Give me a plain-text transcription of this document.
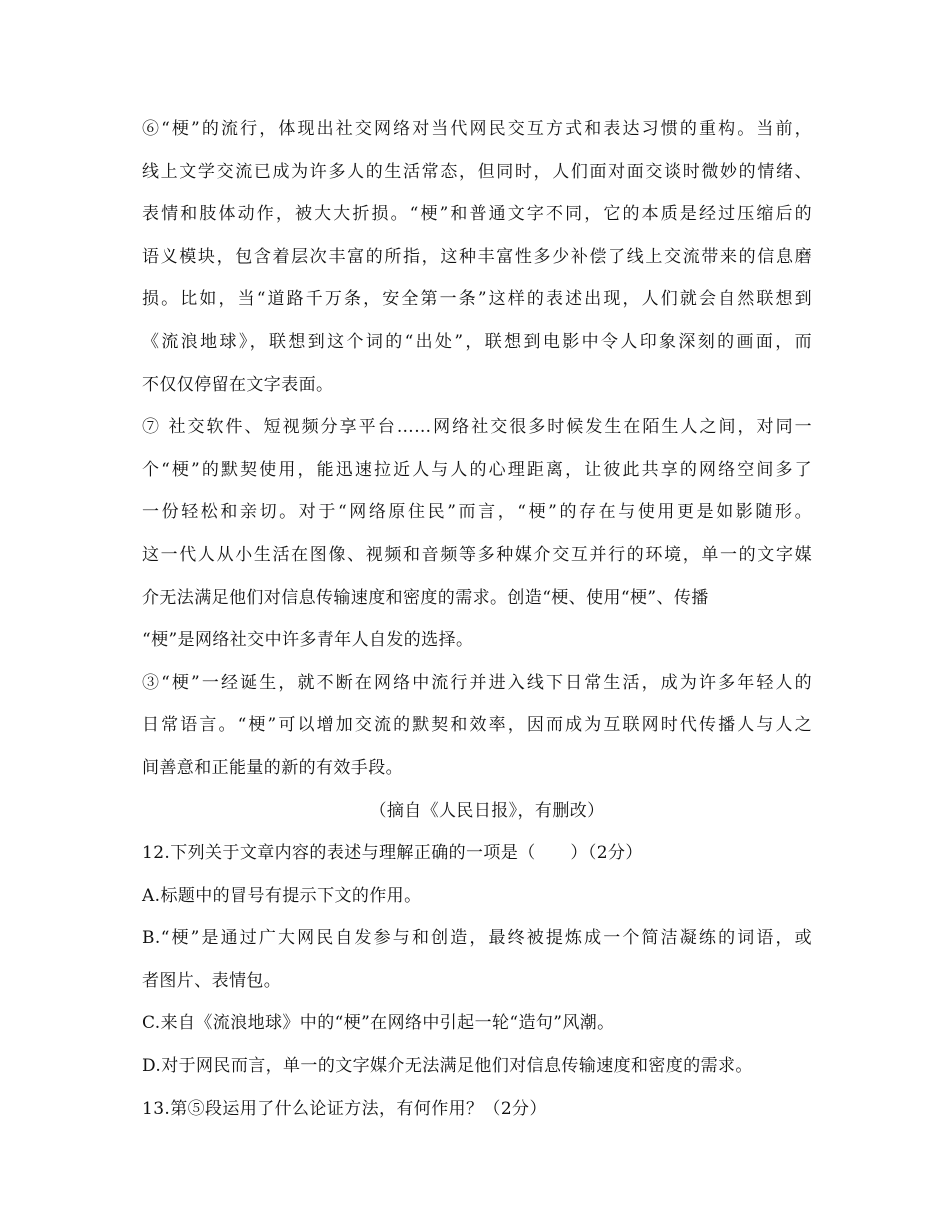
⑥“梗”的流行，体现出社交网络对当代网民交互方式和表达习惯的重构。当前，
线上文学交流已成为许多人的生活常态，但同时，人们面对面交谈时微妙的情绪、
表情和肢体动作，被大大折损。“梗”和普通文字不同，它的本质是经过压缩后的
语义模块，包含着层次丰富的所指，这种丰富性多少补偿了线上交流带来的信息磨
损。比如，当“道路千万条，安全第一条”这样的表述出现，人们就会自然联想到
《流浪地球》，联想到这个词的“出处”，联想到电影中令人印象深刻的画面，而
不仅仅停留在文字表面。
⑦ 社交软件、短视频分享平台……网络社交很多时候发生在陌生人之间，对同一
个“梗”的默契使用，能迅速拉近人与人的心理距离，让彼此共享的网络空间多了
一份轻松和亲切。对于“网络原住民”而言，“梗”的存在与使用更是如影随形。
这一代人从小生活在图像、视频和音频等多种媒介交互并行的环境，单一的文字媒
介无法满足他们对信息传输速度和密度的需求。创造“梗、使用“梗”、传播
“梗”是网络社交中许多青年人自发的选择。
③“梗”一经诞生，就不断在网络中流行并进入线下日常生活，成为许多年轻人的
日常语言。“梗”可以增加交流的默契和效率，因而成为互联网时代传播人与人之
间善意和正能量的新的有效手段。
（摘自《人民日报》，有删改）
12.下列关于文章内容的表述与理解正确的一项是（　　）（2分）
A.标题中的冒号有提示下文的作用。
B.“梗”是通过广大网民自发参与和创造，最终被提炼成一个简洁凝练的词语，或
者图片、表情包。
C.来自《流浪地球》中的“梗”在网络中引起一轮“造句”风潮。
D.对于网民而言，单一的文字媒介无法满足他们对信息传输速度和密度的需求。
13.第⑤段运用了什么论证方法，有何作用？（2分）
